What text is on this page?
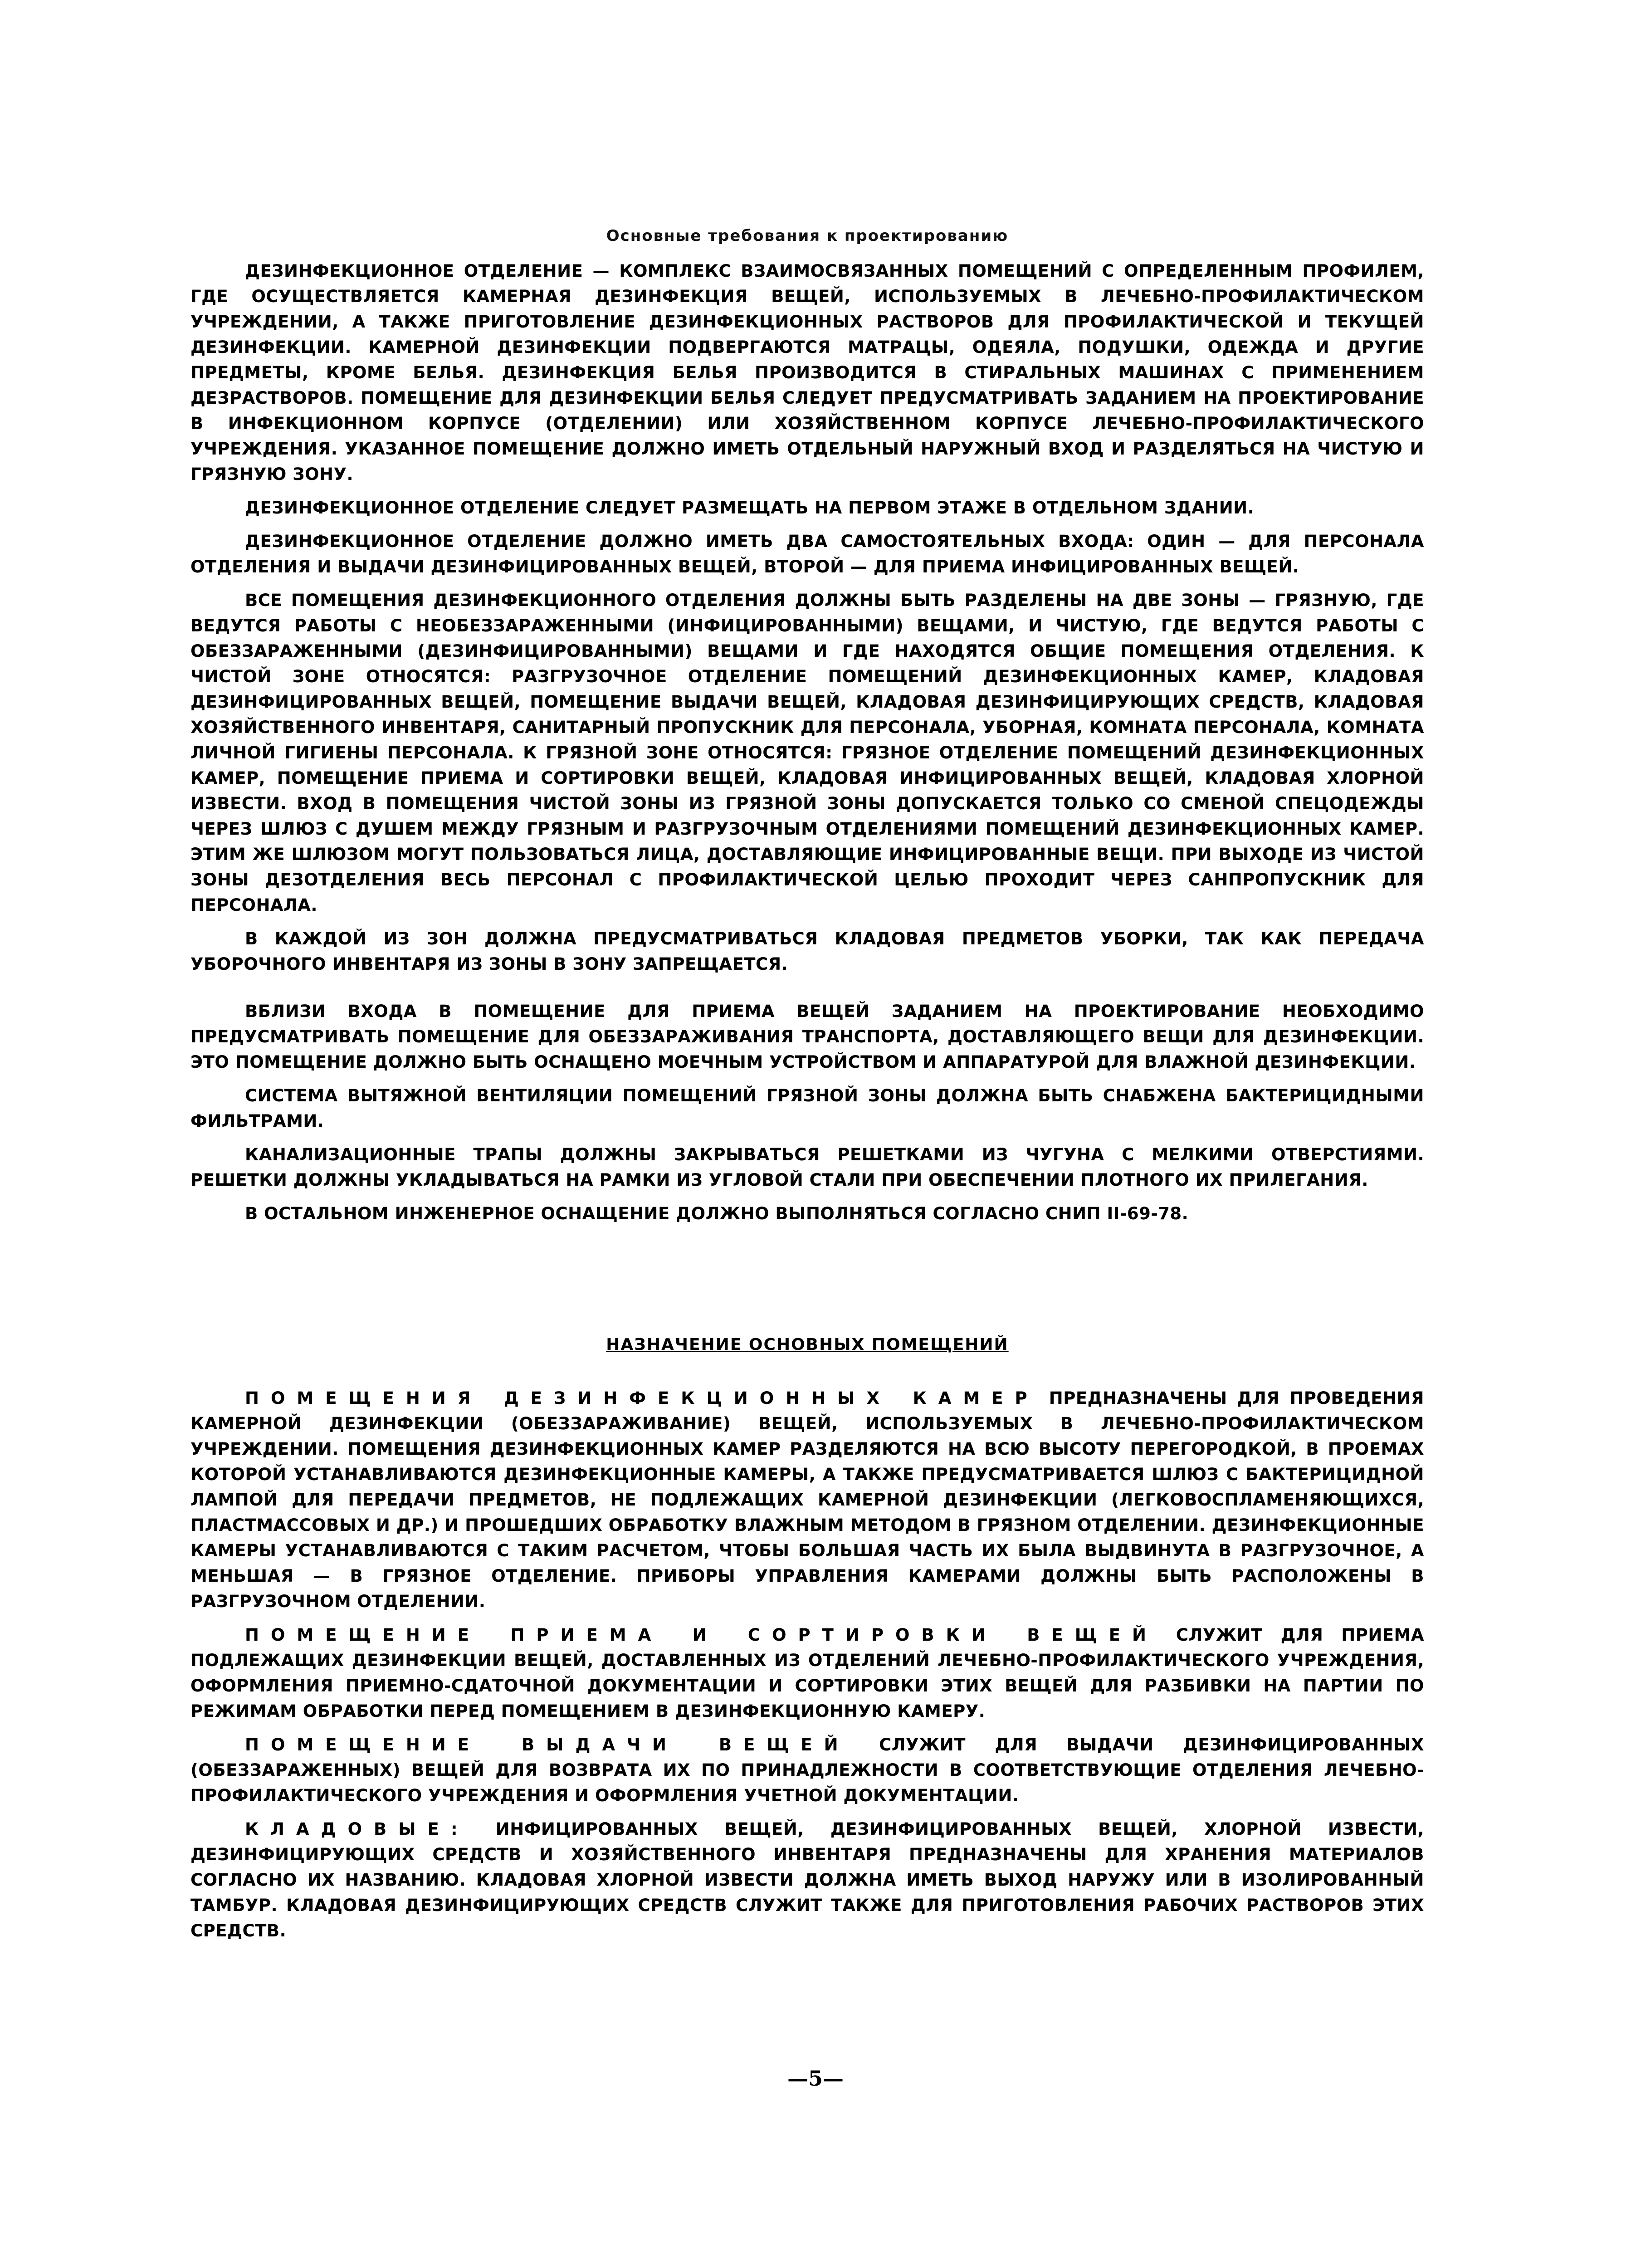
Основные требования к проектированию

ДЕЗИНФЕКЦИОННОЕ ОТДЕЛЕНИЕ — КОМПЛЕКС ВЗАИМОСВЯЗАННЫХ ПОМЕЩЕНИЙ С ОПРЕДЕЛЕННЫМ ПРОФИЛЕМ, ГДЕ ОСУЩЕСТВЛЯЕТСЯ КАМЕРНАЯ ДЕЗИНФЕКЦИЯ ВЕЩЕЙ, ИСПОЛЬЗУЕМЫХ В ЛЕЧЕБНО-ПРОФИЛАКТИЧЕСКОМ УЧРЕЖДЕНИИ, А ТАКЖЕ ПРИГОТОВЛЕНИЕ ДЕЗИНФЕКЦИОННЫХ РАСТВОРОВ ДЛЯ ПРОФИЛАКТИЧЕСКОЙ И ТЕКУЩЕЙ ДЕЗИНФЕКЦИИ. КАМЕРНОЙ ДЕЗИНФЕКЦИИ ПОДВЕРГАЮТСЯ МАТРАЦЫ, ОДЕЯЛА, ПОДУШКИ, ОДЕЖДА И ДРУГИЕ ПРЕДМЕТЫ, КРОМЕ БЕЛЬЯ. ДЕЗИНФЕКЦИЯ БЕЛЬЯ ПРОИЗВОДИТСЯ В СТИРАЛЬНЫХ МАШИНАХ С ПРИМЕНЕНИЕМ ДЕЗРАСТВОРОВ. ПОМЕЩЕНИЕ ДЛЯ ДЕЗИНФЕКЦИИ БЕЛЬЯ СЛЕДУЕТ ПРЕДУСМАТРИВАТЬ ЗАДАНИЕМ НА ПРОЕКТИРОВАНИЕ В ИНФЕКЦИОННОМ КОРПУСЕ (ОТДЕЛЕНИИ) ИЛИ ХОЗЯЙСТВЕННОМ КОРПУСЕ ЛЕЧЕБНО-ПРОФИЛАКТИЧЕСКОГО УЧРЕЖДЕНИЯ. УКАЗАННОЕ ПОМЕЩЕНИЕ ДОЛЖНО ИМЕТЬ ОТДЕЛЬНЫЙ НАРУЖНЫЙ ВХОД И РАЗДЕЛЯТЬСЯ НА ЧИСТУЮ И ГРЯЗНУЮ ЗОНУ.

ДЕЗИНФЕКЦИОННОЕ ОТДЕЛЕНИЕ СЛЕДУЕТ РАЗМЕЩАТЬ НА ПЕРВОМ ЭТАЖЕ В ОТДЕЛЬНОМ ЗДАНИИ.

ДЕЗИНФЕКЦИОННОЕ ОТДЕЛЕНИЕ ДОЛЖНО ИМЕТЬ ДВА САМОСТОЯТЕЛЬНЫХ ВХОДА: ОДИН — ДЛЯ ПЕРСОНАЛА ОТДЕЛЕНИЯ И ВЫДАЧИ ДЕЗИНФИЦИРОВАННЫХ ВЕЩЕЙ, ВТОРОЙ — ДЛЯ ПРИЕМА ИНФИЦИРОВАННЫХ ВЕЩЕЙ.

ВСЕ ПОМЕЩЕНИЯ ДЕЗИНФЕКЦИОННОГО ОТДЕЛЕНИЯ ДОЛЖНЫ БЫТЬ РАЗДЕЛЕНЫ НА ДВЕ ЗОНЫ — ГРЯЗНУЮ, ГДЕ ВЕДУТСЯ РАБОТЫ С НЕОБЕЗЗАРАЖЕННЫМИ (ИНФИЦИРОВАННЫМИ) ВЕЩАМИ, И ЧИСТУЮ, ГДЕ ВЕДУТСЯ РАБОТЫ С ОБЕЗЗАРАЖЕННЫМИ (ДЕЗИНФИЦИРОВАННЫМИ) ВЕЩАМИ И ГДЕ НАХОДЯТСЯ ОБЩИЕ ПОМЕЩЕНИЯ ОТДЕЛЕНИЯ. К ЧИСТОЙ ЗОНЕ ОТНОСЯТСЯ: РАЗГРУЗОЧНОЕ ОТДЕЛЕНИЕ ПОМЕЩЕНИЙ ДЕЗИНФЕКЦИОННЫХ КАМЕР, КЛАДОВАЯ ДЕЗИНФИЦИРОВАННЫХ ВЕЩЕЙ, ПОМЕЩЕНИЕ ВЫДАЧИ ВЕЩЕЙ, КЛАДОВАЯ ДЕЗИНФИЦИРУЮЩИХ СРЕДСТВ, КЛАДОВАЯ ХОЗЯЙСТВЕННОГО ИНВЕНТАРЯ, САНИТАРНЫЙ ПРОПУСКНИК ДЛЯ ПЕРСОНАЛА, УБОРНАЯ, КОМНАТА ПЕРСОНАЛА, КОМНАТА ЛИЧНОЙ ГИГИЕНЫ ПЕРСОНАЛА. К ГРЯЗНОЙ ЗОНЕ ОТНОСЯТСЯ: ГРЯЗНОЕ ОТДЕЛЕНИЕ ПОМЕЩЕНИЙ ДЕЗИНФЕКЦИОННЫХ КАМЕР, ПОМЕЩЕНИЕ ПРИЕМА И СОРТИРОВКИ ВЕЩЕЙ, КЛАДОВАЯ ИНФИЦИРОВАННЫХ ВЕЩЕЙ, КЛАДОВАЯ ХЛОРНОЙ ИЗВЕСТИ. ВХОД В ПОМЕЩЕНИЯ ЧИСТОЙ ЗОНЫ ИЗ ГРЯЗНОЙ ЗОНЫ ДОПУСКАЕТСЯ ТОЛЬКО СО СМЕНОЙ СПЕЦОДЕЖДЫ ЧЕРЕЗ ШЛЮЗ С ДУШЕМ МЕЖДУ ГРЯЗНЫМ И РАЗГРУЗОЧНЫМ ОТДЕЛЕНИЯМИ ПОМЕЩЕНИЙ ДЕЗИНФЕКЦИОННЫХ КАМЕР. ЭТИМ ЖЕ ШЛЮЗОМ МОГУТ ПОЛЬЗОВАТЬСЯ ЛИЦА, ДОСТАВЛЯЮЩИЕ ИНФИЦИРОВАННЫЕ ВЕЩИ. ПРИ ВЫХОДЕ ИЗ ЧИСТОЙ ЗОНЫ ДЕЗОТДЕЛЕНИЯ ВЕСЬ ПЕРСОНАЛ С ПРОФИЛАКТИЧЕСКОЙ ЦЕЛЬЮ ПРОХОДИТ ЧЕРЕЗ САНПРОПУСКНИК ДЛЯ ПЕРСОНАЛА.

В КАЖДОЙ ИЗ ЗОН ДОЛЖНА ПРЕДУСМАТРИВАТЬСЯ КЛАДОВАЯ ПРЕДМЕТОВ УБОРКИ, ТАК КАК ПЕРЕДАЧА УБОРОЧНОГО ИНВЕНТАРЯ ИЗ ЗОНЫ В ЗОНУ ЗАПРЕЩАЕТСЯ.

ВБЛИЗИ ВХОДА В ПОМЕЩЕНИЕ ДЛЯ ПРИЕМА ВЕЩЕЙ ЗАДАНИЕМ НА ПРОЕКТИРОВАНИЕ НЕОБХОДИМО ПРЕДУСМАТРИВАТЬ ПОМЕЩЕНИЕ ДЛЯ ОБЕЗЗАРАЖИВАНИЯ ТРАНСПОРТА, ДОСТАВЛЯЮЩЕГО ВЕЩИ ДЛЯ ДЕЗИНФЕКЦИИ. ЭТО ПОМЕЩЕНИЕ ДОЛЖНО БЫТЬ ОСНАЩЕНО МОЕЧНЫМ УСТРОЙСТВОМ И АППАРАТУРОЙ ДЛЯ ВЛАЖНОЙ ДЕЗИНФЕКЦИИ.

СИСТЕМА ВЫТЯЖНОЙ ВЕНТИЛЯЦИИ ПОМЕЩЕНИЙ ГРЯЗНОЙ ЗОНЫ ДОЛЖНА БЫТЬ СНАБЖЕНА БАКТЕРИЦИДНЫМИ ФИЛЬТРАМИ.

КАНАЛИЗАЦИОННЫЕ ТРАПЫ ДОЛЖНЫ ЗАКРЫВАТЬСЯ РЕШЕТКАМИ ИЗ ЧУГУНА С МЕЛКИМИ ОТВЕРСТИЯМИ. РЕШЕТКИ ДОЛЖНЫ УКЛАДЫВАТЬСЯ НА РАМКИ ИЗ УГЛОВОЙ СТАЛИ ПРИ ОБЕСПЕЧЕНИИ ПЛОТНОГО ИХ ПРИЛЕГАНИЯ.

В ОСТАЛЬНОМ ИНЖЕНЕРНОЕ ОСНАЩЕНИЕ ДОЛЖНО ВЫПОЛНЯТЬСЯ СОГЛАСНО СНИП II-69-78.

НАЗНАЧЕНИЕ ОСНОВНЫХ ПОМЕЩЕНИЙ

ПОМЕЩЕНИЯ ДЕЗИНФЕКЦИОННЫХ КАМЕР ПРЕДНАЗНАЧЕНЫ ДЛЯ ПРОВЕДЕНИЯ КАМЕРНОЙ ДЕЗИНФЕКЦИИ (ОБЕЗЗАРАЖИВАНИЕ) ВЕЩЕЙ, ИСПОЛЬЗУЕМЫХ В ЛЕЧЕБНО-ПРОФИЛАКТИЧЕСКОМ УЧРЕЖДЕНИИ. ПОМЕЩЕНИЯ ДЕЗИНФЕКЦИОННЫХ КАМЕР РАЗДЕЛЯЮТСЯ НА ВСЮ ВЫСОТУ ПЕРЕГОРОДКОЙ, В ПРОЕМАХ КОТОРОЙ УСТАНАВЛИВАЮТСЯ ДЕЗИНФЕКЦИОННЫЕ КАМЕРЫ, А ТАКЖЕ ПРЕДУСМАТРИВАЕТСЯ ШЛЮЗ С БАКТЕРИЦИДНОЙ ЛАМПОЙ ДЛЯ ПЕРЕДАЧИ ПРЕДМЕТОВ, НЕ ПОДЛЕЖАЩИХ КАМЕРНОЙ ДЕЗИНФЕКЦИИ (ЛЕГКОВОСПЛАМЕНЯЮЩИХСЯ, ПЛАСТМАССОВЫХ И ДР.) И ПРОШЕДШИХ ОБРАБОТКУ ВЛАЖНЫМ МЕТОДОМ В ГРЯЗНОМ ОТДЕЛЕНИИ. ДЕЗИНФЕКЦИОННЫЕ КАМЕРЫ УСТАНАВЛИВАЮТСЯ С ТАКИМ РАСЧЕТОМ, ЧТОБЫ БОЛЬШАЯ ЧАСТЬ ИХ БЫЛА ВЫДВИНУТА В РАЗГРУЗОЧНОЕ, А МЕНЬШАЯ — В ГРЯЗНОЕ ОТДЕЛЕНИЕ. ПРИБОРЫ УПРАВЛЕНИЯ КАМЕРАМИ ДОЛЖНЫ БЫТЬ РАСПОЛОЖЕНЫ В РАЗГРУЗОЧНОМ ОТДЕЛЕНИИ.

ПОМЕЩЕНИЕ ПРИЕМА И СОРТИРОВКИ ВЕЩЕЙ СЛУЖИТ ДЛЯ ПРИЕМА ПОДЛЕЖАЩИХ ДЕЗИНФЕКЦИИ ВЕЩЕЙ, ДОСТАВЛЕННЫХ ИЗ ОТДЕЛЕНИЙ ЛЕЧЕБНО-ПРОФИЛАКТИЧЕСКОГО УЧРЕЖДЕНИЯ, ОФОРМЛЕНИЯ ПРИЕМНО-СДАТОЧНОЙ ДОКУМЕНТАЦИИ И СОРТИРОВКИ ЭТИХ ВЕЩЕЙ ДЛЯ РАЗБИВКИ НА ПАРТИИ ПО РЕЖИМАМ ОБРАБОТКИ ПЕРЕД ПОМЕЩЕНИЕМ В ДЕЗИНФЕКЦИОННУЮ КАМЕРУ.

ПОМЕЩЕНИЕ ВЫДАЧИ ВЕЩЕЙ СЛУЖИТ ДЛЯ ВЫДАЧИ ДЕЗИНФИЦИРОВАННЫХ (ОБЕЗЗАРАЖЕННЫХ) ВЕЩЕЙ ДЛЯ ВОЗВРАТА ИХ ПО ПРИНАДЛЕЖНОСТИ В СООТВЕТСТВУЮЩИЕ ОТДЕЛЕНИЯ ЛЕЧЕБНО-ПРОФИЛАКТИЧЕСКОГО УЧРЕЖДЕНИЯ И ОФОРМЛЕНИЯ УЧЕТНОЙ ДОКУМЕНТАЦИИ.

КЛАДОВЫЕ: ИНФИЦИРОВАННЫХ ВЕЩЕЙ, ДЕЗИНФИЦИРОВАННЫХ ВЕЩЕЙ, ХЛОРНОЙ ИЗВЕСТИ, ДЕЗИНФИЦИРУЮЩИХ СРЕДСТВ И ХОЗЯЙСТВЕННОГО ИНВЕНТАРЯ ПРЕДНАЗНАЧЕНЫ ДЛЯ ХРАНЕНИЯ МАТЕРИАЛОВ СОГЛАСНО ИХ НАЗВАНИЮ. КЛАДОВАЯ ХЛОРНОЙ ИЗВЕСТИ ДОЛЖНА ИМЕТЬ ВЫХОД НАРУЖУ ИЛИ В ИЗОЛИРОВАННЫЙ ТАМБУР. КЛАДОВАЯ ДЕЗИНФИЦИРУЮЩИХ СРЕДСТВ СЛУЖИТ ТАКЖЕ ДЛЯ ПРИГОТОВЛЕНИЯ РАБОЧИХ РАСТВОРОВ ЭТИХ СРЕДСТВ.

—5—
